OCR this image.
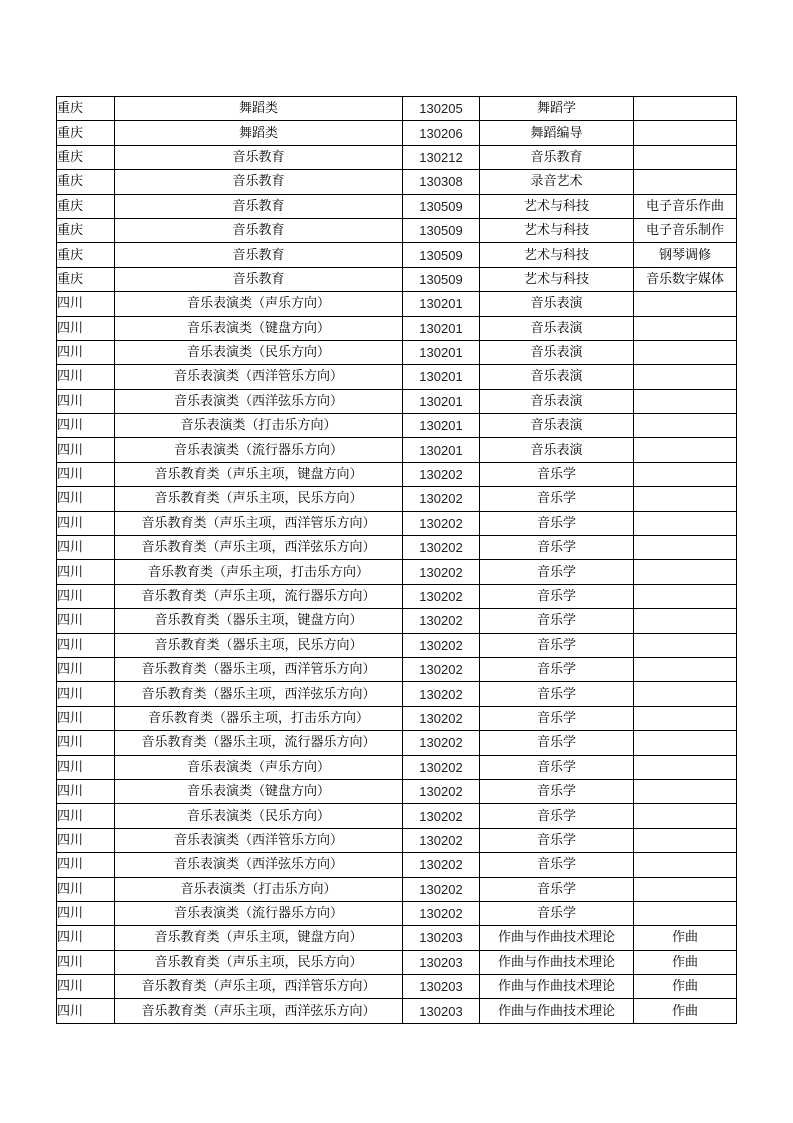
重庆	舞蹈类	130205	舞蹈学	
重庆	舞蹈类	130206	舞蹈编导	
重庆	音乐教育	130212	音乐教育	
重庆	音乐教育	130308	录音艺术	
重庆	音乐教育	130509	艺术与科技	电子音乐作曲
重庆	音乐教育	130509	艺术与科技	电子音乐制作
重庆	音乐教育	130509	艺术与科技	钢琴调修
重庆	音乐教育	130509	艺术与科技	音乐数字媒体
四川	音乐表演类（声乐方向）	130201	音乐表演	
四川	音乐表演类（键盘方向）	130201	音乐表演	
四川	音乐表演类（民乐方向）	130201	音乐表演	
四川	音乐表演类（西洋管乐方向）	130201	音乐表演	
四川	音乐表演类（西洋弦乐方向）	130201	音乐表演	
四川	音乐表演类（打击乐方向）	130201	音乐表演	
四川	音乐表演类（流行器乐方向）	130201	音乐表演	
四川	音乐教育类（声乐主项，键盘方向）	130202	音乐学	
四川	音乐教育类（声乐主项，民乐方向）	130202	音乐学	
四川	音乐教育类（声乐主项，西洋管乐方向）	130202	音乐学	
四川	音乐教育类（声乐主项，西洋弦乐方向）	130202	音乐学	
四川	音乐教育类（声乐主项，打击乐方向）	130202	音乐学	
四川	音乐教育类（声乐主项，流行器乐方向）	130202	音乐学	
四川	音乐教育类（器乐主项，键盘方向）	130202	音乐学	
四川	音乐教育类（器乐主项，民乐方向）	130202	音乐学	
四川	音乐教育类（器乐主项，西洋管乐方向）	130202	音乐学	
四川	音乐教育类（器乐主项，西洋弦乐方向）	130202	音乐学	
四川	音乐教育类（器乐主项，打击乐方向）	130202	音乐学	
四川	音乐教育类（器乐主项，流行器乐方向）	130202	音乐学	
四川	音乐表演类（声乐方向）	130202	音乐学	
四川	音乐表演类（键盘方向）	130202	音乐学	
四川	音乐表演类（民乐方向）	130202	音乐学	
四川	音乐表演类（西洋管乐方向）	130202	音乐学	
四川	音乐表演类（西洋弦乐方向）	130202	音乐学	
四川	音乐表演类（打击乐方向）	130202	音乐学	
四川	音乐表演类（流行器乐方向）	130202	音乐学	
四川	音乐教育类（声乐主项，键盘方向）	130203	作曲与作曲技术理论	作曲
四川	音乐教育类（声乐主项，民乐方向）	130203	作曲与作曲技术理论	作曲
四川	音乐教育类（声乐主项，西洋管乐方向）	130203	作曲与作曲技术理论	作曲
四川	音乐教育类（声乐主项，西洋弦乐方向）	130203	作曲与作曲技术理论	作曲
